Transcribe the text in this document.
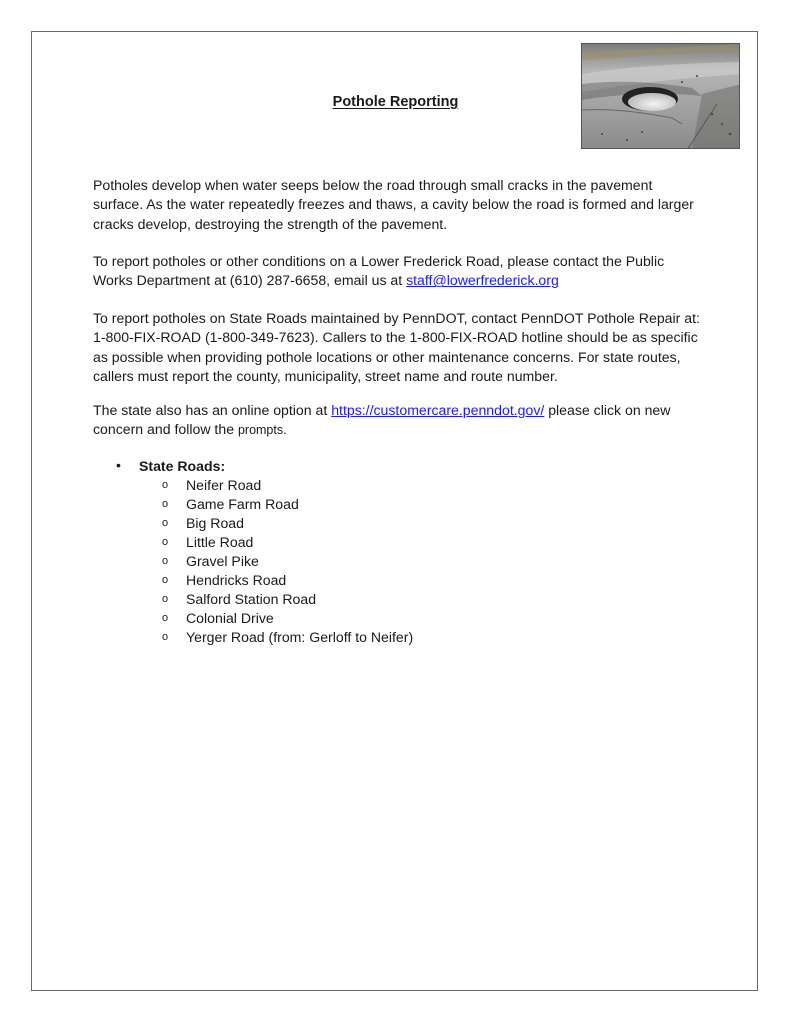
Pothole Reporting

Potholes develop when water seeps below the road through small cracks in the pavement surface. As the water repeatedly freezes and thaws, a cavity below the road is formed and larger cracks develop, destroying the strength of the pavement.

To report potholes or other conditions on a Lower Frederick Road, please contact the Public Works Department at (610) 287-6658, email us at staff@lowerfrederick.org

To report potholes on State Roads maintained by PennDOT, contact PennDOT Pothole Repair at: 1-800-FIX-ROAD (1-800-349-7623). Callers to the 1-800-FIX-ROAD hotline should be as specific as possible when providing pothole locations or other maintenance concerns. For state routes, callers must report the county, municipality, street name and route number.

The state also has an online option at https://customercare.penndot.gov/ please click on new concern and follow the prompts.

• State Roads:
o Neifer Road
o Game Farm Road
o Big Road
o Little Road
o Gravel Pike
o Hendricks Road
o Salford Station Road
o Colonial Drive
o Yerger Road (from: Gerloff to Neifer)
